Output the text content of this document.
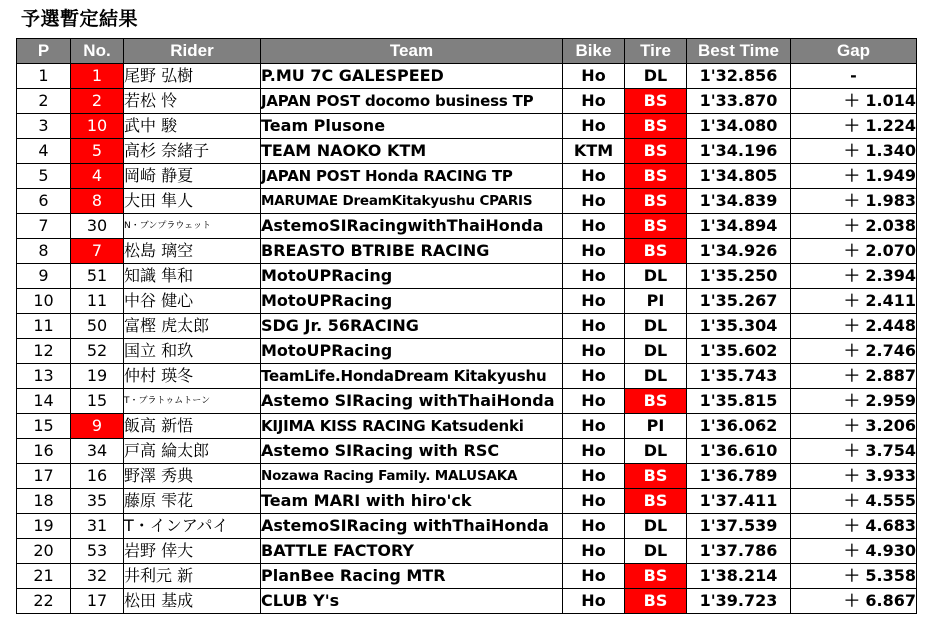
予選暫定結果
P	No.	Rider	Team	Bike	Tire	Best Time	Gap
1	1	尾野 弘樹	P.MU 7C GALESPEED	Ho	DL	1'32.856	-
2	2	若松 怜	JAPAN POST docomo business TP	Ho	BS	1'33.870	＋ 1.014
3	10	武中 駿	Team Plusone	Ho	BS	1'34.080	＋ 1.224
4	5	高杉 奈緒子	TEAM NAOKO KTM	KTM	BS	1'34.196	＋ 1.340
5	4	岡崎 静夏	JAPAN POST Honda RACING TP	Ho	BS	1'34.805	＋ 1.949
6	8	大田 隼人	MARUMAE DreamKitakyushu CPARIS	Ho	BS	1'34.839	＋ 1.983
7	30	N・ブンプラウェット	AstemoSIRacingwithThaiHonda	Ho	BS	1'34.894	＋ 2.038
8	7	松島 璃空	BREASTO BTRIBE RACING	Ho	BS	1'34.926	＋ 2.070
9	51	知識 隼和	MotoUPRacing	Ho	DL	1'35.250	＋ 2.394
10	11	中谷 健心	MotoUPRacing	Ho	PI	1'35.267	＋ 2.411
11	50	富樫 虎太郎	SDG Jr. 56RACING	Ho	DL	1'35.304	＋ 2.448
12	52	国立 和玖	MotoUPRacing	Ho	DL	1'35.602	＋ 2.746
13	19	仲村 瑛冬	TeamLife.HondaDream Kitakyushu	Ho	DL	1'35.743	＋ 2.887
14	15	T・ブラトゥムトーン	Astemo SIRacing withThaiHonda	Ho	BS	1'35.815	＋ 2.959
15	9	飯高 新悟	KIJIMA KISS RACING Katsudenki	Ho	PI	1'36.062	＋ 3.206
16	34	戸高 綸太郎	Astemo SIRacing with RSC	Ho	DL	1'36.610	＋ 3.754
17	16	野澤 秀典	Nozawa Racing Family. MALUSAKA	Ho	BS	1'36.789	＋ 3.933
18	35	藤原 雫花	Team MARI with hiro'ck	Ho	BS	1'37.411	＋ 4.555
19	31	T・インアパイ	AstemoSIRacing withThaiHonda	Ho	DL	1'37.539	＋ 4.683
20	53	岩野 倖大	BATTLE FACTORY	Ho	DL	1'37.786	＋ 4.930
21	32	井利元 新	PlanBee Racing MTR	Ho	BS	1'38.214	＋ 5.358
22	17	松田 基成	CLUB Y's	Ho	BS	1'39.723	＋ 6.867
